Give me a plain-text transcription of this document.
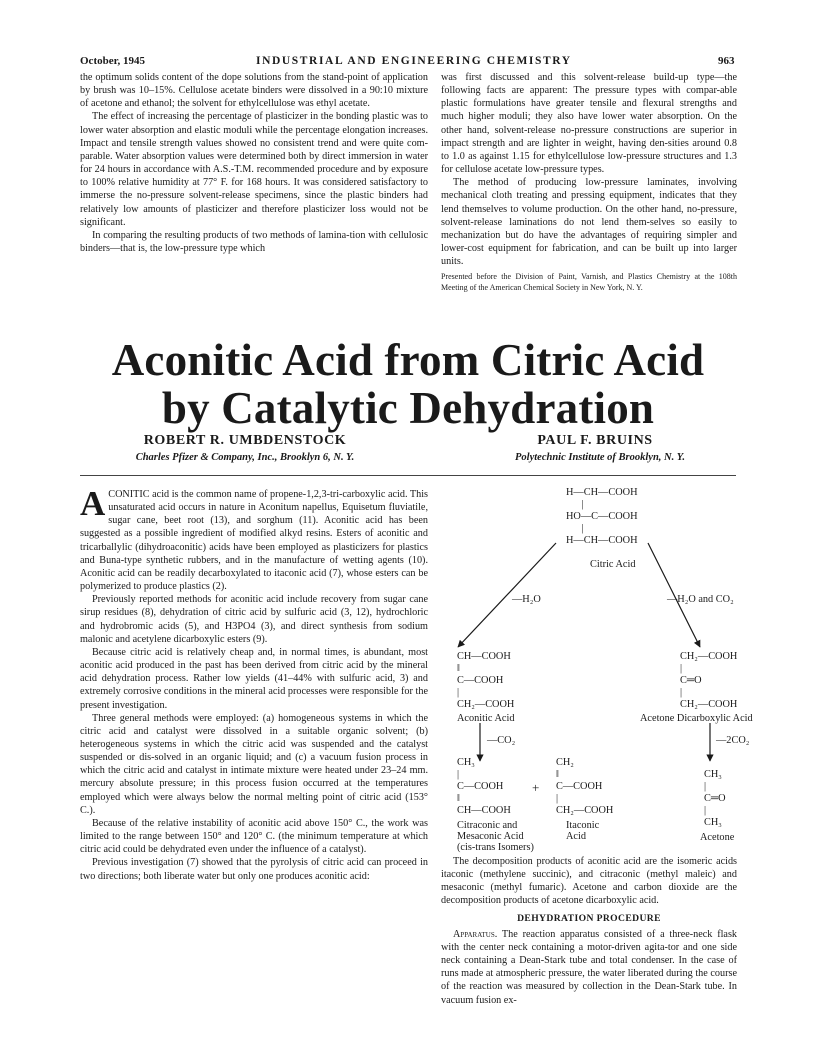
October, 1945	INDUSTRIAL AND ENGINEERING CHEMISTRY	963

the optimum solids content of the dope solutions from the stand-point of application by brush was 10–15%. Cellulose acetate binders were dissolved in a 90:10 mixture of acetone and ethanol; the solvent for ethylcellulose was ethyl acetate.

The effect of increasing the percentage of plasticizer in the bonding plastic was to lower water absorption and elastic moduli while the percentage elongation increases. Impact and tensile strength values showed no consistent trend and were quite com-parable. Water absorption values were determined both by direct immersion in water for 24 hours in accordance with A.S.-T.M. recommended procedure and by exposure to 100% relative humidity at 77° F. for 168 hours. It was considered satisfactory to immerse the no-pressure solvent-release specimens, since the plastic binders had relatively low amounts of plasticizer and therefore plasticizer loss would not be significant.

In comparing the resulting products of two methods of lamina-tion with cellulosic binders—that is, the low-pressure type which

was first discussed and this solvent-release build-up type—the following facts are apparent: The pressure types with compar-able plastic formulations have greater tensile and flexural strengths and much higher moduli; they also have lower water absorption. On the other hand, solvent-release no-pressure constructions are superior in impact strength and are lighter in weight, having den-sities around 0.8 to 1.0 as against 1.15 for ethylcellulose low-pressure structures and 1.3 for cellulose acetate low-pressure types.

The method of producing low-pressure laminates, involving mechanical cloth treating and pressing equipment, indicates that they lend themselves to volume production. On the other hand, no-pressure, solvent-release laminations do not lend them-selves so easily to mechanization but do have the advantages of requiring simpler and lower-cost equipment for fabrication, and can be built up into larger units.

Presented before the Division of Paint, Varnish, and Plastics Chemistry at the 108th Meeting of the American Chemical Society in New York, N. Y.

Aconitic Acid from Citric Acid
by Catalytic Dehydration
ROBERT R. UMBDENSTOCK
Charles Pfizer & Company, Inc., Brooklyn 6, N. Y.
PAUL F. BRUINS
Polytechnic Institute of Brooklyn, N. Y.

ACONITIC acid is the common name of propene-1,2,3-tri-carboxylic acid. This unsaturated acid occurs in nature in Aconitum napellus, Equisetum fluviatile, sugar cane, beet root (13), and sorghum (11). Aconitic acid has been suggested as a possible ingredient of modified alkyd resins. Esters of aconitic and tricarballylic (dihydroaconitic) acids have been employed as plasticizers for plastics and Buna-type synthetic rubbers, and in the manufacture of wetting agents (10). Aconitic acid can be readily decarboxylated to itaconic acid (7), whose esters can be polymerized to produce plastics (2).

Previously reported methods for aconitic acid include recovery from sugar cane sirup residues (8), dehydration of citric acid by sulfuric acid (3, 12), hydrochloric and hydrobromic acids (5), and H3PO4 (3), and direct synthesis from sodium malonic and acetylene dicarboxylic esters (9).

Because citric acid is relatively cheap and, in normal times, is abundant, most aconitic acid produced in the past has been derived from citric acid by the mineral acid dehydration process. Rather low yields (41–44% with sulfuric acid, 3) and extremely corrosive conditions in the mineral acid processes were responsible for the present investigation.

Three general methods were employed: (a) homogeneous systems in which the citric acid and catalyst were dissolved in a suitable organic solvent; (b) heterogeneous systems in which the citric acid was suspended and the catalyst suspended or dis-solved in an organic liquid; and (c) a vacuum fusion process in which the citric acid and catalyst in intimate mixture were heated under 23–24 mm. mercury absolute pressure; in this process fusion occurred at the temperatures employed which were always below the normal melting point of citric acid (153° C.).

Because of the relative instability of aconitic acid above 150° C., the work was limited to the range between 150° and 120° C. (the minimum temperature at which citric acid could be dehydrated even under the influence of a catalyst).

Previous investigation (7) showed that the pyrolysis of citric acid can proceed in two directions; both liberate water but only one produces aconitic acid:

H—CH—COOH
|
HO—C—COOH
|
H—CH—COOH
Citric Acid
—H₂O	—H₂O and CO₂
CH—COOH
‖
C—COOH
|
CH₂—COOH
Aconitic Acid
CH₂—COOH
|
C═O
|
CH₂—COOH
Acetone Dicarboxylic Acid
—CO₂	—2CO₂
CH₃
|
C—COOH
‖
CH—COOH
+
CH₂
‖
C—COOH
|
CH₂—COOH
CH₃
|
C═O
|
CH₃
Citraconic and
Mesaconic Acid
(cis-trans Isomers)
Itaconic
Acid	Acetone

The decomposition products of aconitic acid are the isomeric acids itaconic (methylene succinic), and citraconic (methyl maleic) and mesaconic (methyl fumaric). Acetone and carbon dioxide are the decomposition products of acetone dicarboxylic acid.

DEHYDRATION PROCEDURE

Apparatus. The reaction apparatus consisted of a three-neck flask with the center neck containing a motor-driven agita-tor and one side neck containing a Dean-Stark tube and total condenser. In the case of runs made at atmospheric pressure, the water liberated during the course of the reaction was measured by collection in the Dean-Stark tube. In vacuum fusion ex-
